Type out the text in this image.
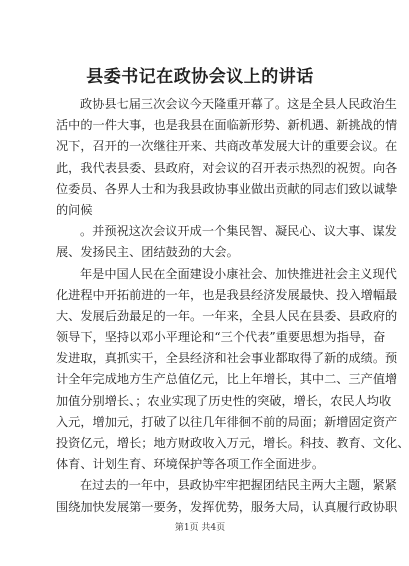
县委书记在政协会议上的讲话
政协县七届三次会议今天隆重开幕了。这是全县人民政治生
活中的一件大事，也是我县在面临新形势、新机遇、新挑战的情
况下，召开的一次继往开来、共商改革发展大计的重要会议。在
此，我代表县委、县政府，对会议的召开表示热烈的祝贺。向各
位委员、各界人士和为我县政协事业做出贡献的同志们致以诚挚
的问候
。并预祝这次会议开成一个集民智、凝民心、议大事、谋发
展、发扬民主、团结鼓劲的大会。
年是中国人民在全面建设小康社会、加快推进社会主义现代
化进程中开拓前进的一年，也是我县经济发展最快、投入增幅最
大、发展后劲最足的一年。一年来，全县人民在县委、县政府的
领导下，坚持以邓小平理论和“三个代表”重要思想为指导，奋
发进取，真抓实干，全县经济和社会事业都取得了新的成绩。预
计全年完成地方生产总值亿元，比上年增长，其中二、三产值增
加值分别增长、；农业实现了历史性的突破，增长，农民人均收
入元，增加元，打破了以往几年徘徊不前的局面；新增固定资产
投资亿元，增长；地方财政收入万元，增长。科技、教育、文化、
体育、计划生育、环境保护等各项工作全面进步。
在过去的一年中，县政协牢牢把握团结民主两大主题，紧紧
围绕加快发展第一要务，发挥优势，服务大局，认真履行政协职
第1页 共4页
